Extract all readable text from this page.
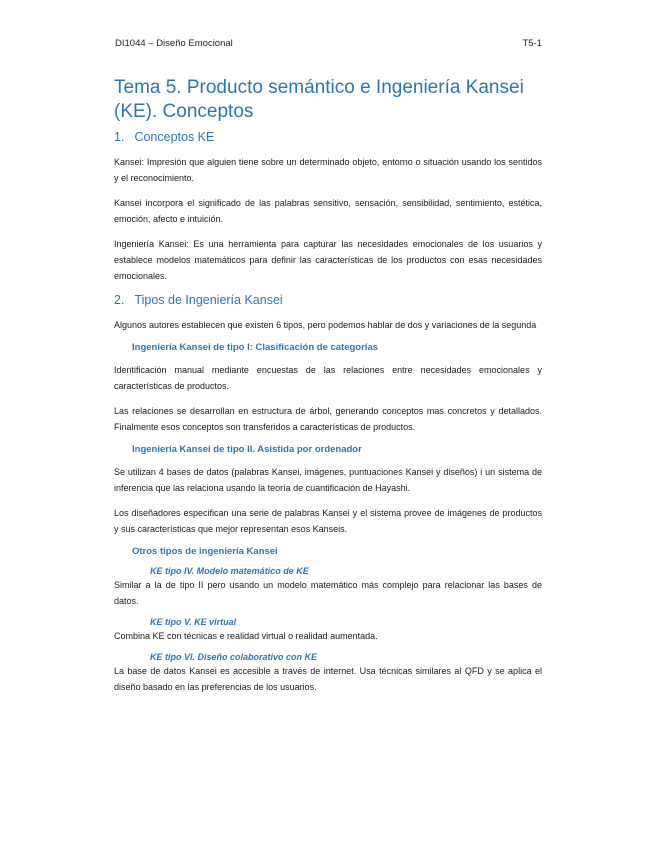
DI1044 – Diseño Emocional	T5-1
Tema 5. Producto semántico e Ingeniería Kansei (KE). Conceptos
1. Conceptos KE

Kansei: Impresión que alguien tiene sobre un determinado objeto, entorno o situación usando los sentidos y el reconocimiento.

Kansei incorpora el significado de las palabras sensitivo, sensación, sensibilidad, sentimiento, estética, emoción, afecto e intuición.

Ingeniería Kansei: Es una herramienta para capturar las necesidades emocionales de los usuarios y establece modelos matemáticos para definir las características de los productos con esas necesidades emocionales.

2. Tipos de Ingeniería Kansei

Algunos autores establecen que existen 6 tipos, pero podemos hablar de dos y variaciones de la segunda

Ingeniería Kansei de tipo I: Clasificación de categorías

Identificación manual mediante encuestas de las relaciones entre necesidades emocionales y características de productos.

Las relaciones se desarrollan en estructura de árbol, generando conceptos mas concretos y detallados. Finalmente esos conceptos son transferidos a características de productos.

Ingeniería Kansei de tipo II. Asistida por ordenador

Se utilizan 4 bases de datos (palabras Kansei, imágenes, puntuaciones Kansei y diseños) i un sistema de inferencia que las relaciona usando la teoría de cuantificación de Hayashi.

Los diseñadores especifican una serie de palabras Kansei y el sistema provee de imágenes de productos y sus características que mejor representan esos Kanseis.

Otros tipos de ingeniería Kansei
KE tipo IV. Modelo matemático de KE

Similar a la de tipo II pero usando un modelo matemático más complejo para relacionar las bases de datos.

KE tipo V. KE virtual

Combina KE con técnicas e realidad virtual o realidad aumentada.

KE tipo VI. Diseño colaborativo con KE

La base de datos Kansei es accesible a través de internet. Usa técnicas similares al QFD y se aplica el diseño basado en las preferencias de los usuarios.
